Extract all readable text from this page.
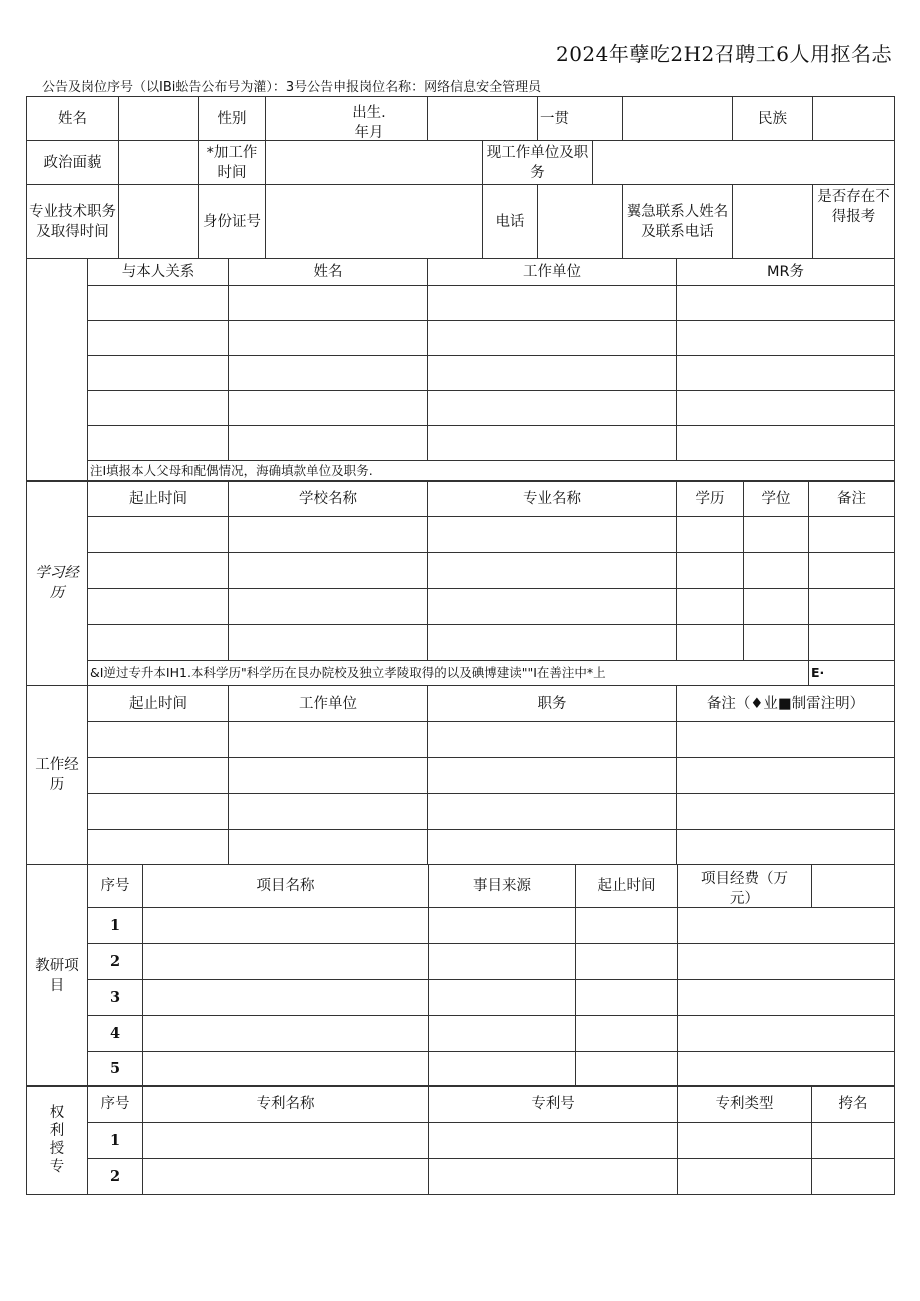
2024年孽吃2H2召聘工6人用抠名忐
公告及岗位序号（以IBi蚣告公布号为灌）：3号公告申报岗位名称：网络信息安全管理员
姓名		性别	出生.年月			一贯			民族	
政治面藐		*加工作时间			现工作单位及职务					
专业技术职务及取得时间		身份证号			电话			翼急联系人姓名及联系电话		是否存在不得报考
	与本人关系	姓名	工作单位	MR务

	注I填报本人父母和配偶情况，海确填款单位及职务.			
学习经历	起止时间	学校名称	专业名称	学历	学位	备注

	&I逆过专升本IH1.本科学历"科学历在艮办院校及独立孝陵取得的以及碘博建读""I在善注中*上					E·
工作经历	起止时间	工作单位	职务	备注（♦业■制雷注明）

教研项目	序号	项目名称	事目来源	起止时间	项目经费（万元）	

	1					
	2					
	3					
	4					
	5					
权利授专	序号	专利名称	专利号	专利类型	挎名
	1				
	2				
